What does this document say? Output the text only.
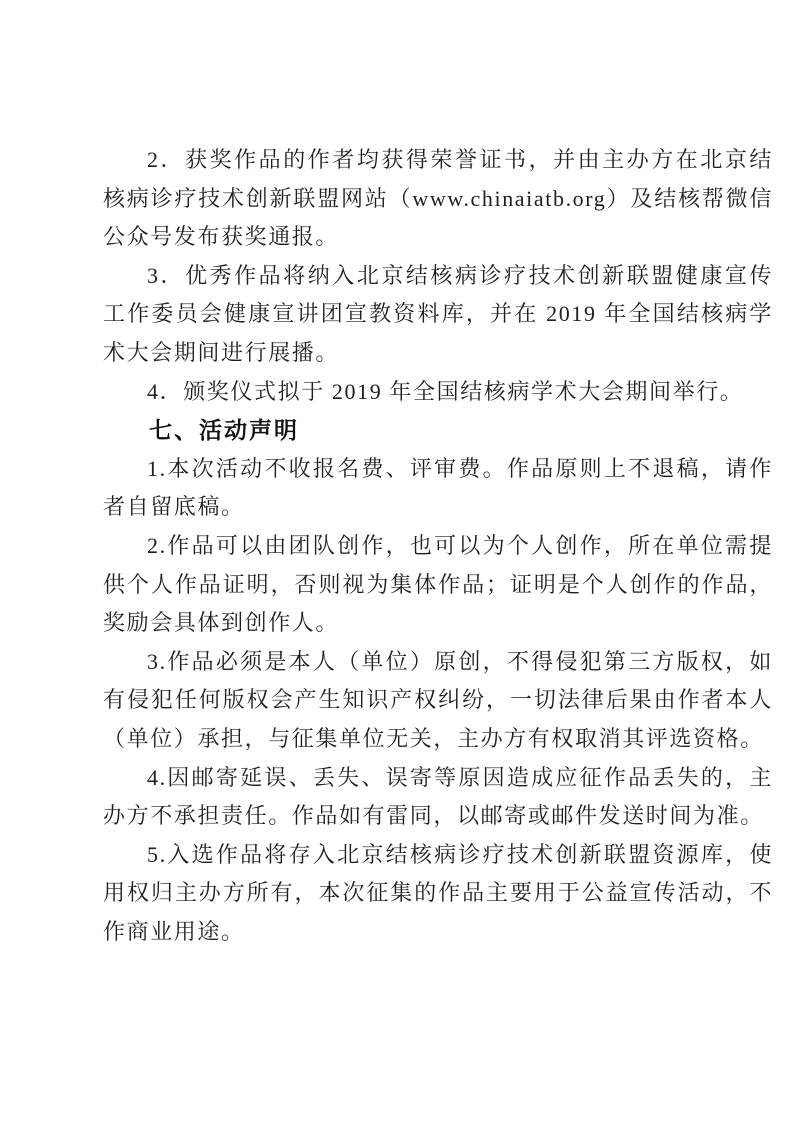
2．获奖作品的作者均获得荣誉证书，并由主办方在北京结核病诊疗技术创新联盟网站（www.chinaiatb.org）及结核帮微信公众号发布获奖通报。

3．优秀作品将纳入北京结核病诊疗技术创新联盟健康宣传工作委员会健康宣讲团宣教资料库，并在 2019 年全国结核病学术大会期间进行展播。

4．颁奖仪式拟于 2019 年全国结核病学术大会期间举行。

七、活动声明

1.本次活动不收报名费、评审费。作品原则上不退稿，请作者自留底稿。

2.作品可以由团队创作，也可以为个人创作，所在单位需提供个人作品证明，否则视为集体作品；证明是个人创作的作品，奖励会具体到创作人。

3.作品必须是本人（单位）原创，不得侵犯第三方版权，如有侵犯任何版权会产生知识产权纠纷，一切法律后果由作者本人（单位）承担，与征集单位无关，主办方有权取消其评选资格。

4.因邮寄延误、丢失、误寄等原因造成应征作品丢失的，主办方不承担责任。作品如有雷同，以邮寄或邮件发送时间为准。

5.入选作品将存入北京结核病诊疗技术创新联盟资源库，使用权归主办方所有，本次征集的作品主要用于公益宣传活动，不作商业用途。
